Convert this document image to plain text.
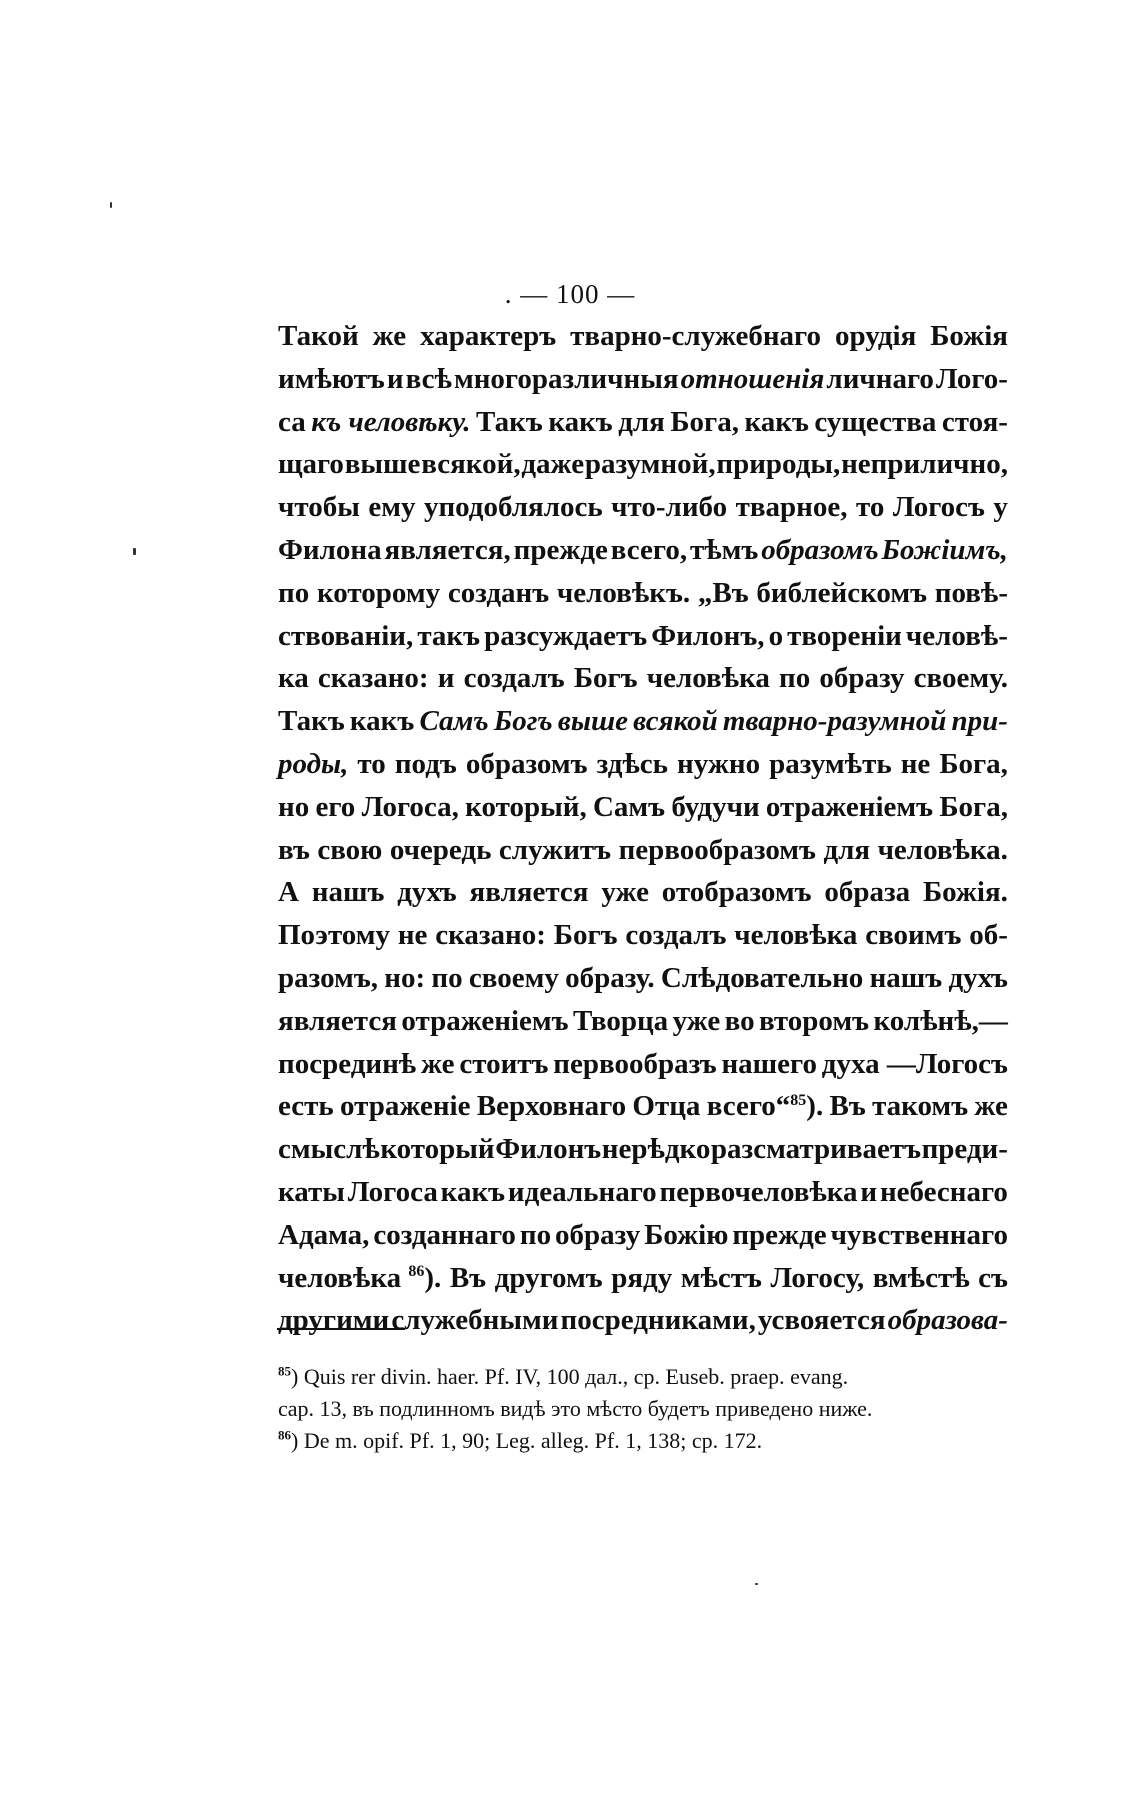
. — 100 —
Такой же характеръ тварно-служебнаго орудія Божія
имѣютъ и всѣ многоразличныя отношенія личнаго Лого-
са къ человѣку. Такъ какъ для Бога, какъ существа стоя-
щаго выше всякой, даже разумной, природы, неприлично,
чтобы ему уподоблялось что-либо тварное, то Логосъ у
Филона является, прежде всего, тѣмъ образомъ Божіимъ,
по которому созданъ человѣкъ. „Въ библейскомъ повѣ-
ствованіи, такъ разсуждаетъ Филонъ, о твореніи человѣ-
ка сказано: и создалъ Богъ человѣка по образу своему.
Такъ какъ Самъ Богъ выше всякой тварно-разумной при-
роды, то подъ образомъ здѣсь нужно разумѣть не Бога,
но его Логоса, который, Самъ будучи отраженіемъ Бога,
въ свою очередь служитъ первообразомъ для человѣка.
А нашъ духъ является уже отобразомъ образа Божія.
Поэтому не сказано: Богъ создалъ человѣка своимъ об-
разомъ, но: по своему образу. Слѣдовательно нашъ духъ
является отраженіемъ Творца уже во второмъ колѣнѣ,—
посрединѣ же стоитъ первообразъ нашего духа —Логосъ
есть отраженіе Верховнаго Отца всего“85). Въ такомъ же
смыслѣ который Филонъ нерѣдко разсматриваетъ преди-
каты Логоса какъ идеальнаго первочеловѣка и небеснаго
Адама, созданнаго по образу Божію прежде чувственнаго
человѣка 86). Въ другомъ ряду мѣстъ Логосу, вмѣстѣ съ
другими служебными посредниками, усвояется образова-
$^{85}$) Quis rer divin. haer. Pf. IV, 100 дал., ср. Euseb. praep. evang.
cap. 13, въ подлинномъ видѣ это мѣсто будетъ приведено ниже.
$^{86}$) De m. opif. Pf. 1, 90; Leg. alleg. Pf. 1, 138; ср. 172.
